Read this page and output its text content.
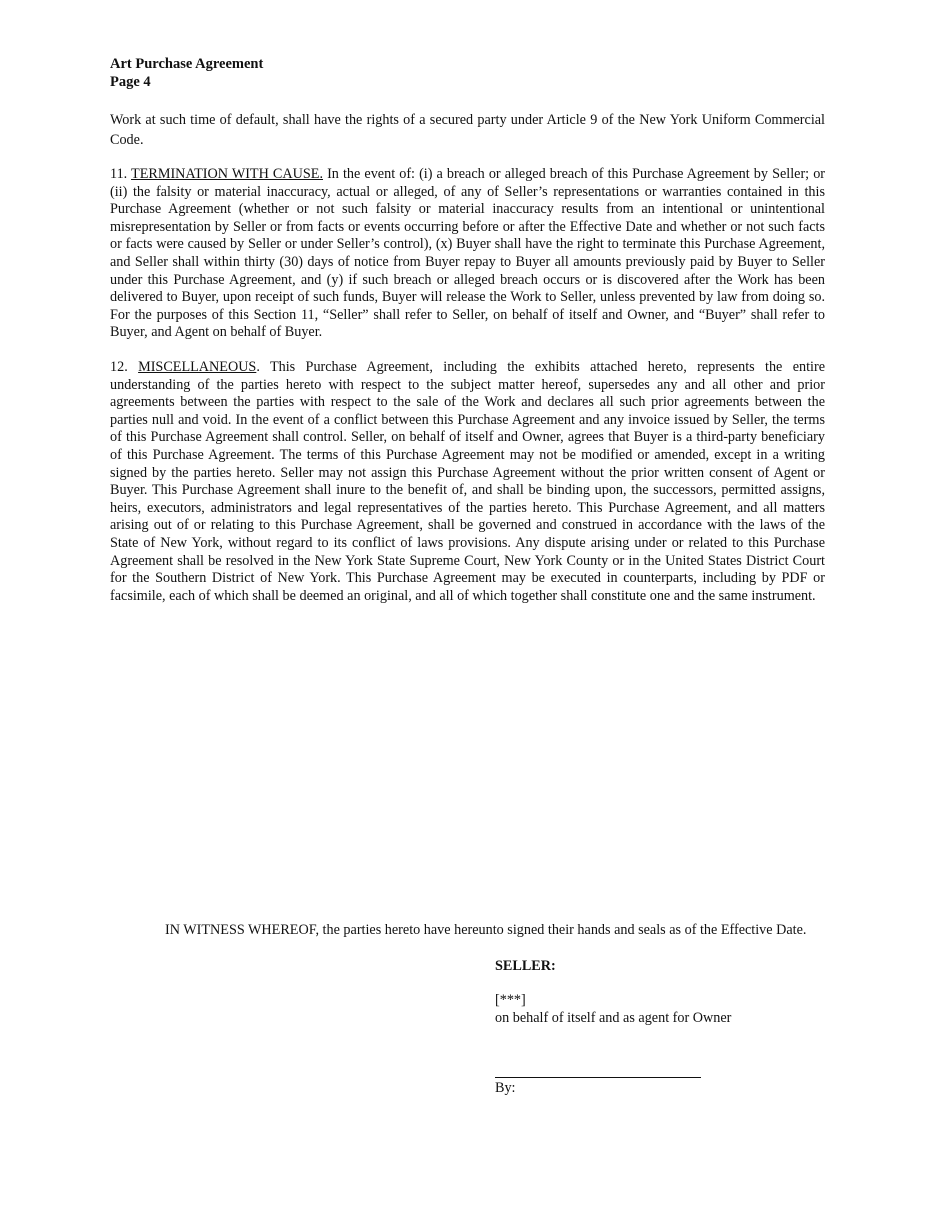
Art Purchase Agreement
Page 4

Work at such time of default, shall have the rights of a secured party under Article 9 of the New York Uniform Commercial Code.

11. TERMINATION WITH CAUSE. In the event of: (i) a breach or alleged breach of this Purchase Agreement by Seller; or (ii) the falsity or material inaccuracy, actual or alleged, of any of Seller’s representations or warranties contained in this Purchase Agreement (whether or not such falsity or material inaccuracy results from an intentional or unintentional misrepresentation by Seller or from facts or events occurring before or after the Effective Date and whether or not such facts or facts were caused by Seller or under Seller’s control), (x) Buyer shall have the right to terminate this Purchase Agreement, and Seller shall within thirty (30) days of notice from Buyer repay to Buyer all amounts previously paid by Buyer to Seller under this Purchase Agreement, and (y) if such breach or alleged breach occurs or is discovered after the Work has been delivered to Buyer, upon receipt of such funds, Buyer will release the Work to Seller, unless prevented by law from doing so. For the purposes of this Section 11, “Seller” shall refer to Seller, on behalf of itself and Owner, and “Buyer” shall refer to Buyer, and Agent on behalf of Buyer.

12. MISCELLANEOUS. This Purchase Agreement, including the exhibits attached hereto, represents the entire understanding of the parties hereto with respect to the subject matter hereof, supersedes any and all other and prior agreements between the parties with respect to the sale of the Work and declares all such prior agreements between the parties null and void. In the event of a conflict between this Purchase Agreement and any invoice issued by Seller, the terms of this Purchase Agreement shall control. Seller, on behalf of itself and Owner, agrees that Buyer is a third-party beneficiary of this Purchase Agreement. The terms of this Purchase Agreement may not be modified or amended, except in a writing signed by the parties hereto. Seller may not assign this Purchase Agreement without the prior written consent of Agent or Buyer. This Purchase Agreement shall inure to the benefit of, and shall be binding upon, the successors, permitted assigns, heirs, executors, administrators and legal representatives of the parties hereto. This Purchase Agreement, and all matters arising out of or relating to this Purchase Agreement, shall be governed and construed in accordance with the laws of the State of New York, without regard to its conflict of laws provisions. Any dispute arising under or related to this Purchase Agreement shall be resolved in the New York State Supreme Court, New York County or in the United States District Court for the Southern District of New York. This Purchase Agreement may be executed in counterparts, including by PDF or facsimile, each of which shall be deemed an original, and all of which together shall constitute one and the same instrument.

IN WITNESS WHEREOF, the parties hereto have hereunto signed their hands and seals as of the Effective Date.

SELLER:
[***]
on behalf of itself and as agent for Owner
By:
